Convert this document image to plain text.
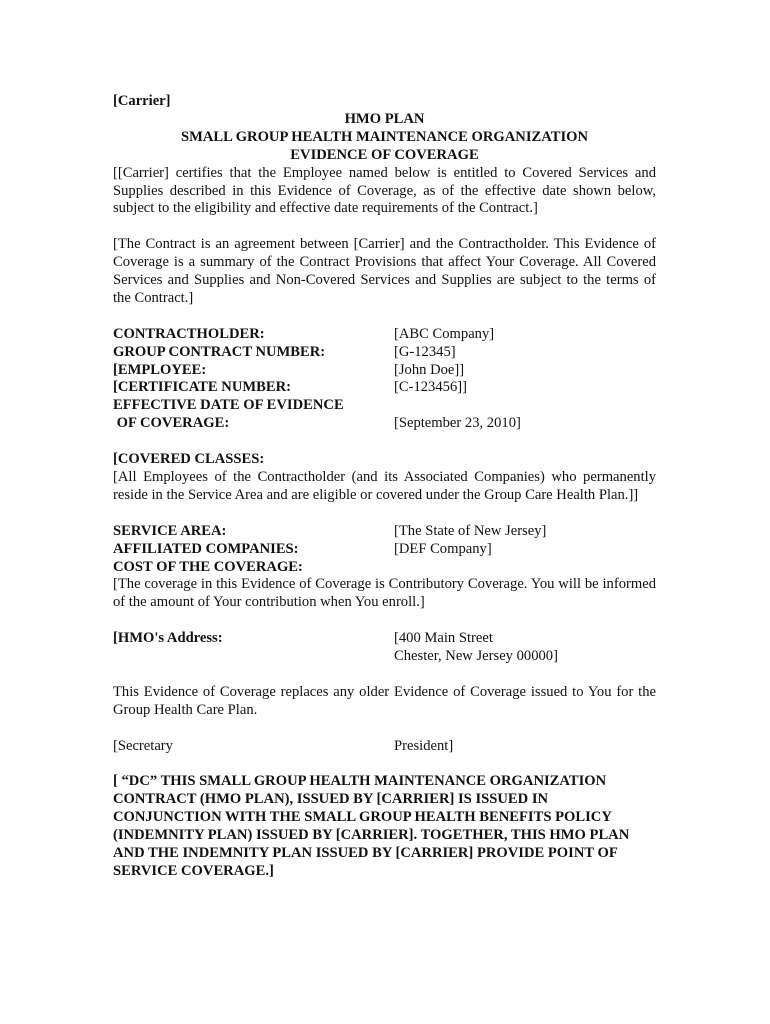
[Carrier]

HMO PLAN

SMALL GROUP HEALTH MAINTENANCE ORGANIZATION

EVIDENCE OF COVERAGE

[[Carrier] certifies that the Employee named below is entitled to Covered Services and Supplies described in this Evidence of Coverage, as of the effective date shown below, subject to the eligibility and effective date requirements of the Contract.]

[The Contract is an agreement between [Carrier] and the Contractholder. This Evidence of Coverage is a summary of the Contract Provisions that affect Your Coverage. All Covered Services and Supplies and Non-Covered Services and Supplies are subject to the terms of the Contract.]

CONTRACTHOLDER:	[ABC Company]
GROUP CONTRACT NUMBER:	[G-12345]
[EMPLOYEE:	[John Doe]]
[CERTIFICATE NUMBER:	[C-123456]]
EFFECTIVE DATE OF EVIDENCE
OF COVERAGE:	[September 23, 2010]

[COVERED CLASSES:

[All Employees of the Contractholder (and its Associated Companies) who permanently reside in the Service Area and are eligible or covered under the Group Care Health Plan.]]

SERVICE AREA:	[The State of New Jersey]
AFFILIATED COMPANIES:	[DEF Company]

COST OF THE COVERAGE:

[The coverage in this Evidence of Coverage is Contributory Coverage. You will be informed of the amount of Your contribution when You enroll.]

[HMO's Address:	[400 Main Street
Chester, New Jersey 00000]

This Evidence of Coverage replaces any older Evidence of Coverage issued to You for the Group Health Care Plan.

[Secretary	President]

[ “DC” THIS SMALL GROUP HEALTH MAINTENANCE ORGANIZATION CONTRACT (HMO PLAN), ISSUED BY [CARRIER] IS ISSUED IN CONJUNCTION WITH THE SMALL GROUP HEALTH BENEFITS POLICY (INDEMNITY PLAN) ISSUED BY [CARRIER]. TOGETHER, THIS HMO PLAN AND THE INDEMNITY PLAN ISSUED BY [CARRIER] PROVIDE POINT OF SERVICE COVERAGE.]
